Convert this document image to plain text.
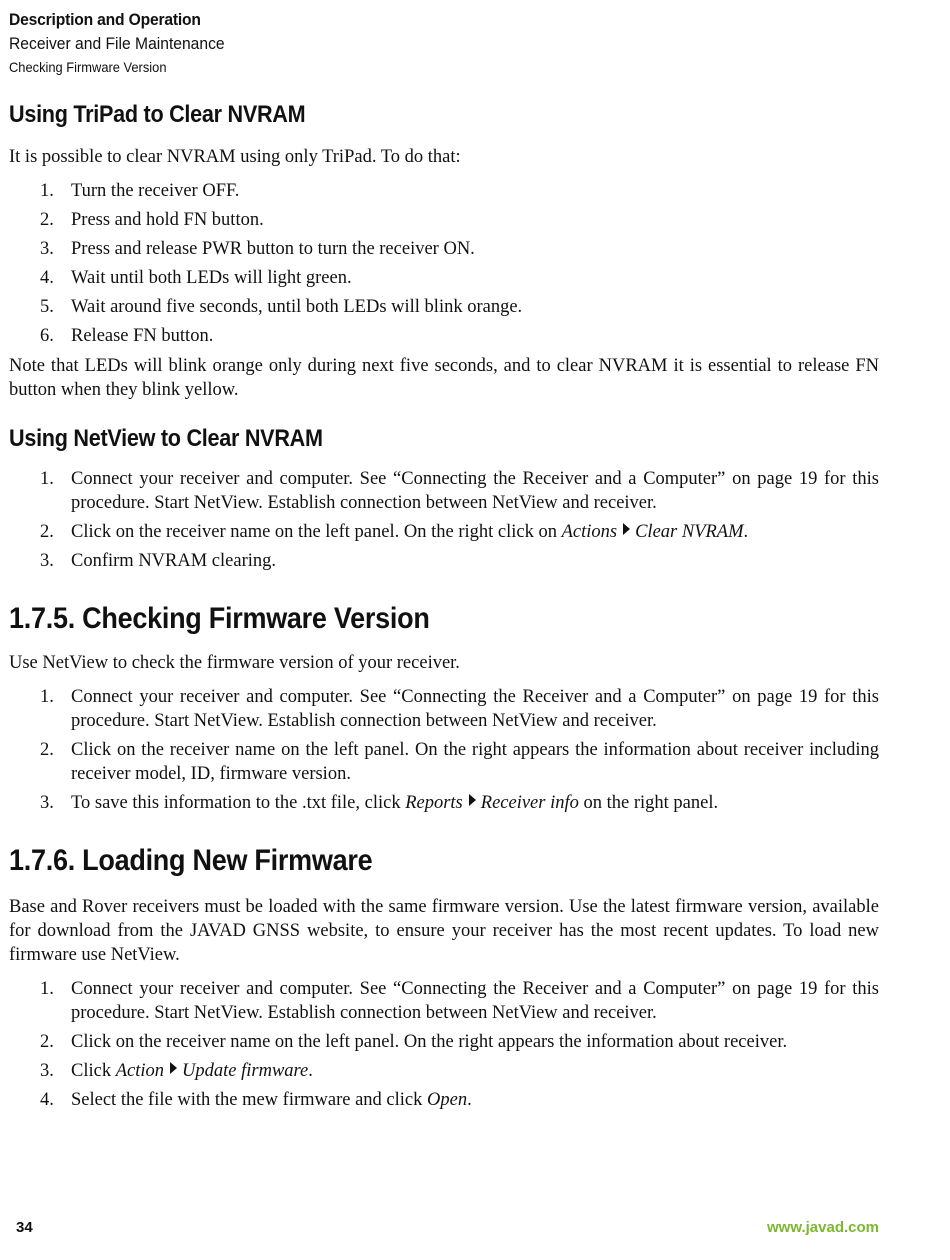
Description and Operation
Receiver and File Maintenance
Checking Firmware Version
Using TriPad to Clear NVRAM

It is possible to clear NVRAM using only TriPad. To do that:

1. Turn the receiver OFF.
2. Press and hold FN button.
3. Press and release PWR button to turn the receiver ON.
4. Wait until both LEDs will light green.
5. Wait around five seconds, until both LEDs will blink orange.
6. Release FN button.

Note that LEDs will blink orange only during next five seconds, and to clear NVRAM it is essential to release FN button when they blink yellow.

Using NetView to Clear NVRAM
1. Connect your receiver and computer. See “Connecting the Receiver and a Computer” on page 19 for this procedure. Start NetView. Establish connection between NetView and receiver.
2. Click on the receiver name on the left panel. On the right click on Actions Clear NVRAM.
3. Confirm NVRAM clearing.
1.7.5. Checking Firmware Version

Use NetView to check the firmware version of your receiver.

1. Connect your receiver and computer. See “Connecting the Receiver and a Computer” on page 19 for this procedure. Start NetView. Establish connection between NetView and receiver.
2. Click on the receiver name on the left panel. On the right appears the information about receiver including receiver model, ID, firmware version.
3. To save this information to the .txt file, click Reports Receiver info on the right panel.
1.7.6. Loading New Firmware

Base and Rover receivers must be loaded with the same firmware version. Use the latest firmware version, available for download from the JAVAD GNSS website, to ensure your receiver has the most recent updates. To load new firmware use NetView.

1. Connect your receiver and computer. See “Connecting the Receiver and a Computer” on page 19 for this procedure. Start NetView. Establish connection between NetView and receiver.
2. Click on the receiver name on the left panel. On the right appears the information about receiver.
3. Click Action Update firmware.
4. Select the file with the mew firmware and click Open.
34	www.javad.com
